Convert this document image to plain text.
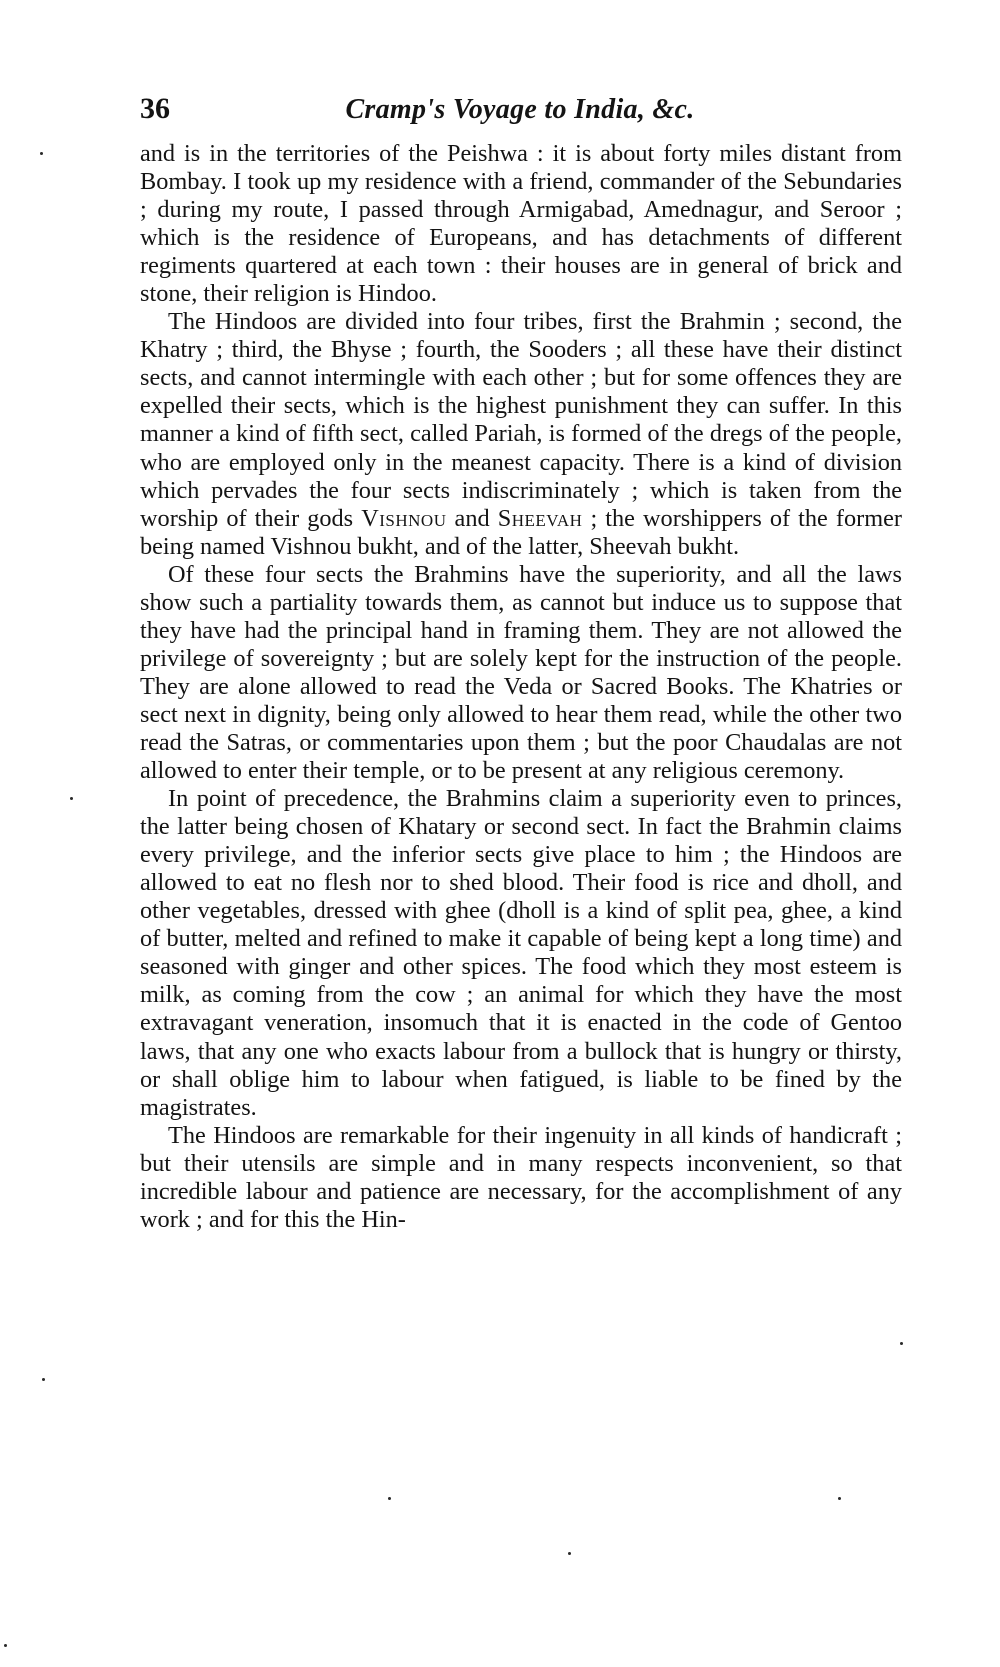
36	Cramp's Voyage to India, &c.

and is in the territories of the Peishwa : it is about forty miles distant from Bombay. I took up my residence with a friend, commander of the Sebundaries ; during my route, I passed through Armigabad, Amednagur, and Seroor ; which is the residence of Europeans, and has detachments of different regiments quartered at each town : their houses are in general of brick and stone, their religion is Hindoo.

The Hindoos are divided into four tribes, first the Brahmin ; second, the Khatry ; third, the Bhyse ; fourth, the Sooders ; all these have their distinct sects, and cannot intermingle with each other ; but for some offences they are expelled their sects, which is the highest punishment they can suffer. In this manner a kind of fifth sect, called Pariah, is formed of the dregs of the people, who are employed only in the meanest capacity. There is a kind of division which pervades the four sects indiscriminately ; which is taken from the worship of their gods Vishnou and Sheevah ; the worshippers of the former being named Vishnou bukht, and of the latter, Sheevah bukht.

Of these four sects the Brahmins have the superiority, and all the laws show such a partiality towards them, as cannot but induce us to suppose that they have had the principal hand in framing them. They are not allowed the privilege of sovereignty ; but are solely kept for the instruction of the people. They are alone allowed to read the Veda or Sacred Books. The Khatries or sect next in dignity, being only allowed to hear them read, while the other two read the Satras, or commentaries upon them ; but the poor Chaudalas are not allowed to enter their temple, or to be present at any religious ceremony.

In point of precedence, the Brahmins claim a superiority even to princes, the latter being chosen of Khatary or second sect. In fact the Brahmin claims every privilege, and the inferior sects give place to him ; the Hindoos are allowed to eat no flesh nor to shed blood. Their food is rice and dholl, and other vegetables, dressed with ghee (dholl is a kind of split pea, ghee, a kind of butter, melted and refined to make it capable of being kept a long time) and seasoned with ginger and other spices. The food which they most esteem is milk, as coming from the cow ; an animal for which they have the most extravagant veneration, insomuch that it is enacted in the code of Gentoo laws, that any one who exacts labour from a bullock that is hungry or thirsty, or shall oblige him to labour when fatigued, is liable to be fined by the magistrates.

The Hindoos are remarkable for their ingenuity in all kinds of handicraft ; but their utensils are simple and in many respects inconvenient, so that incredible labour and patience are necessary, for the accomplishment of any work ; and for this the Hin-
